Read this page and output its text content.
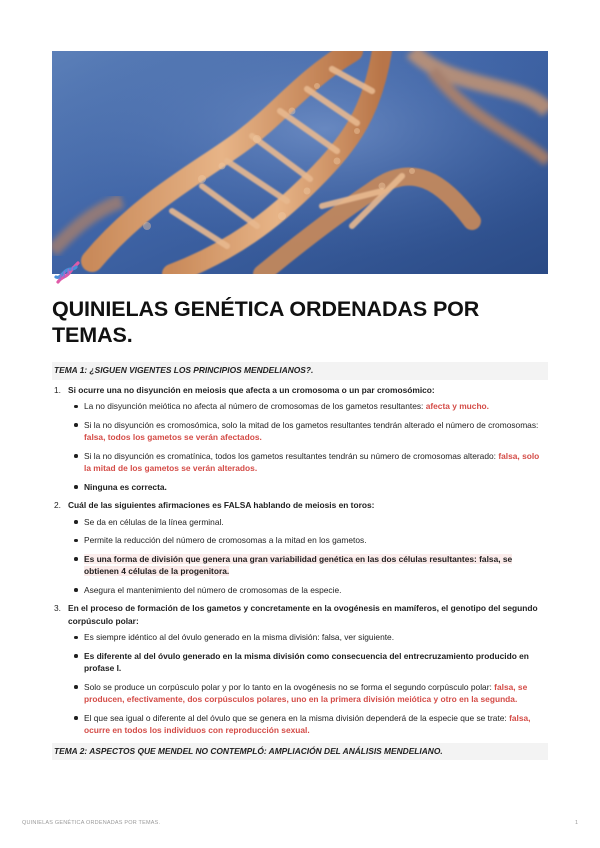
QUINIELAS GENÉTICA ORDENADAS POR TEMAS.
TEMA 1: ¿SIGUEN VIGENTES LOS PRINCIPIOS MENDELIANOS?.
1. Si ocurre una no disyunción en meiosis que afecta a un cromosoma o un par cromosómico:
La no disyunción meiótica no afecta al número de cromosomas de los gametos resultantes: afecta y mucho.
Si la no disyunción es cromosómica, solo la mitad de los gametos resultantes tendrán alterado el número de cromosomas: falsa, todos los gametos se verán afectados.
Si la no disyunción es cromatínica, todos los gametos resultantes tendrán su número de cromosomas alterado: falsa, solo la mitad de los gametos se verán alterados.
Ninguna es correcta.
2. Cuál de las siguientes afirmaciones es FALSA hablando de meiosis en toros:
Se da en células de la línea germinal.
Permite la reducción del número de cromosomas a la mitad en los gametos.
Es una forma de división que genera una gran variabilidad genética en las dos células resultantes: falsa, se obtienen 4 células de la progenitora.
Asegura el mantenimiento del número de cromosomas de la especie.
3. En el proceso de formación de los gametos y concretamente en la ovogénesis en mamíferos, el genotipo del segundo corpúsculo polar:
Es siempre idéntico al del óvulo generado en la misma división: falsa, ver siguiente.
Es diferente al del óvulo generado en la misma división como consecuencia del entrecruzamiento producido en profase I.
Solo se produce un corpúsculo polar y por lo tanto en la ovogénesis no se forma el segundo corpúsculo polar: falsa, se producen, efectivamente, dos corpúsculos polares, uno en la primera división meiótica y otro en la segunda.
El que sea igual o diferente al del óvulo que se genera en la misma división dependerá de la especie que se trate: falsa, ocurre en todos los individuos con reproducción sexual.
TEMA 2: ASPECTOS QUE MENDEL NO CONTEMPLÓ: AMPLIACIÓN DEL ANÁLISIS MENDELIANO.
QUINIELAS GENÉTICA ORDENADAS POR TEMAS.	1
